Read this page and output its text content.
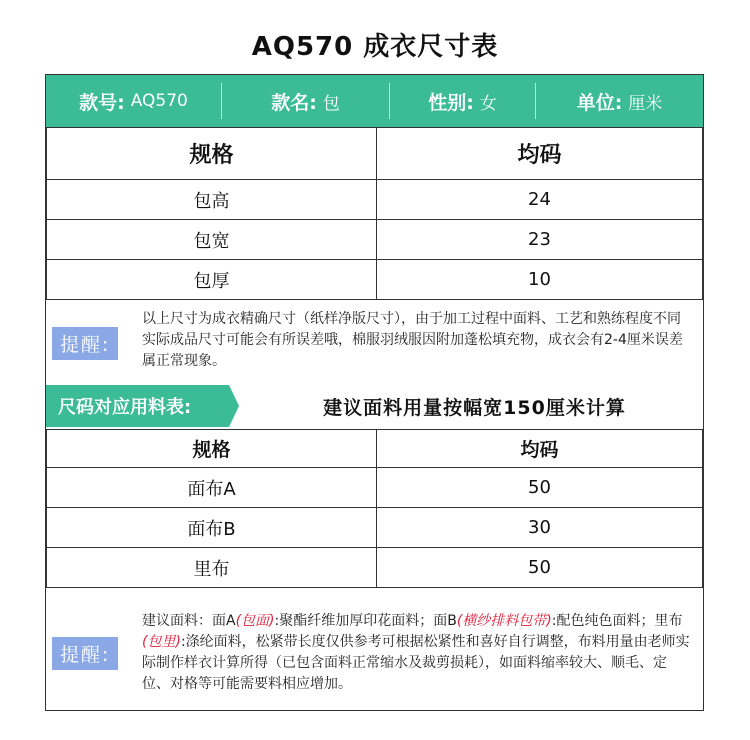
AQ570 成衣尺寸表
款号: AQ570	款名: 包	性别: 女	单位: 厘米
规格	均码
包高	24
包宽	23
包厚	10
提醒:
以上尺寸为成衣精确尺寸（纸样净版尺寸），由于加工过程中面料、工艺和熟练程度不同实际成品尺寸可能会有所误差哦，棉服羽绒服因附加蓬松填充物，成衣会有2-4厘米误差属正常现象。
尺码对应用料表:	建议面料用量按幅宽150厘米计算
规格	均码
面布A	50
面布B	30
里布	50
提醒:
建议面料：面A(包面):聚酯纤维加厚印花面料；面B(横纱排料包带):配色纯色面料；里布(包里):涤纶面料，松紧带长度仅供参考可根据松紧性和喜好自行调整，布料用量由老师实际制作样衣计算所得（已包含面料正常缩水及裁剪损耗），如面料缩率较大、顺毛、定位、对格等可能需要料相应增加。
